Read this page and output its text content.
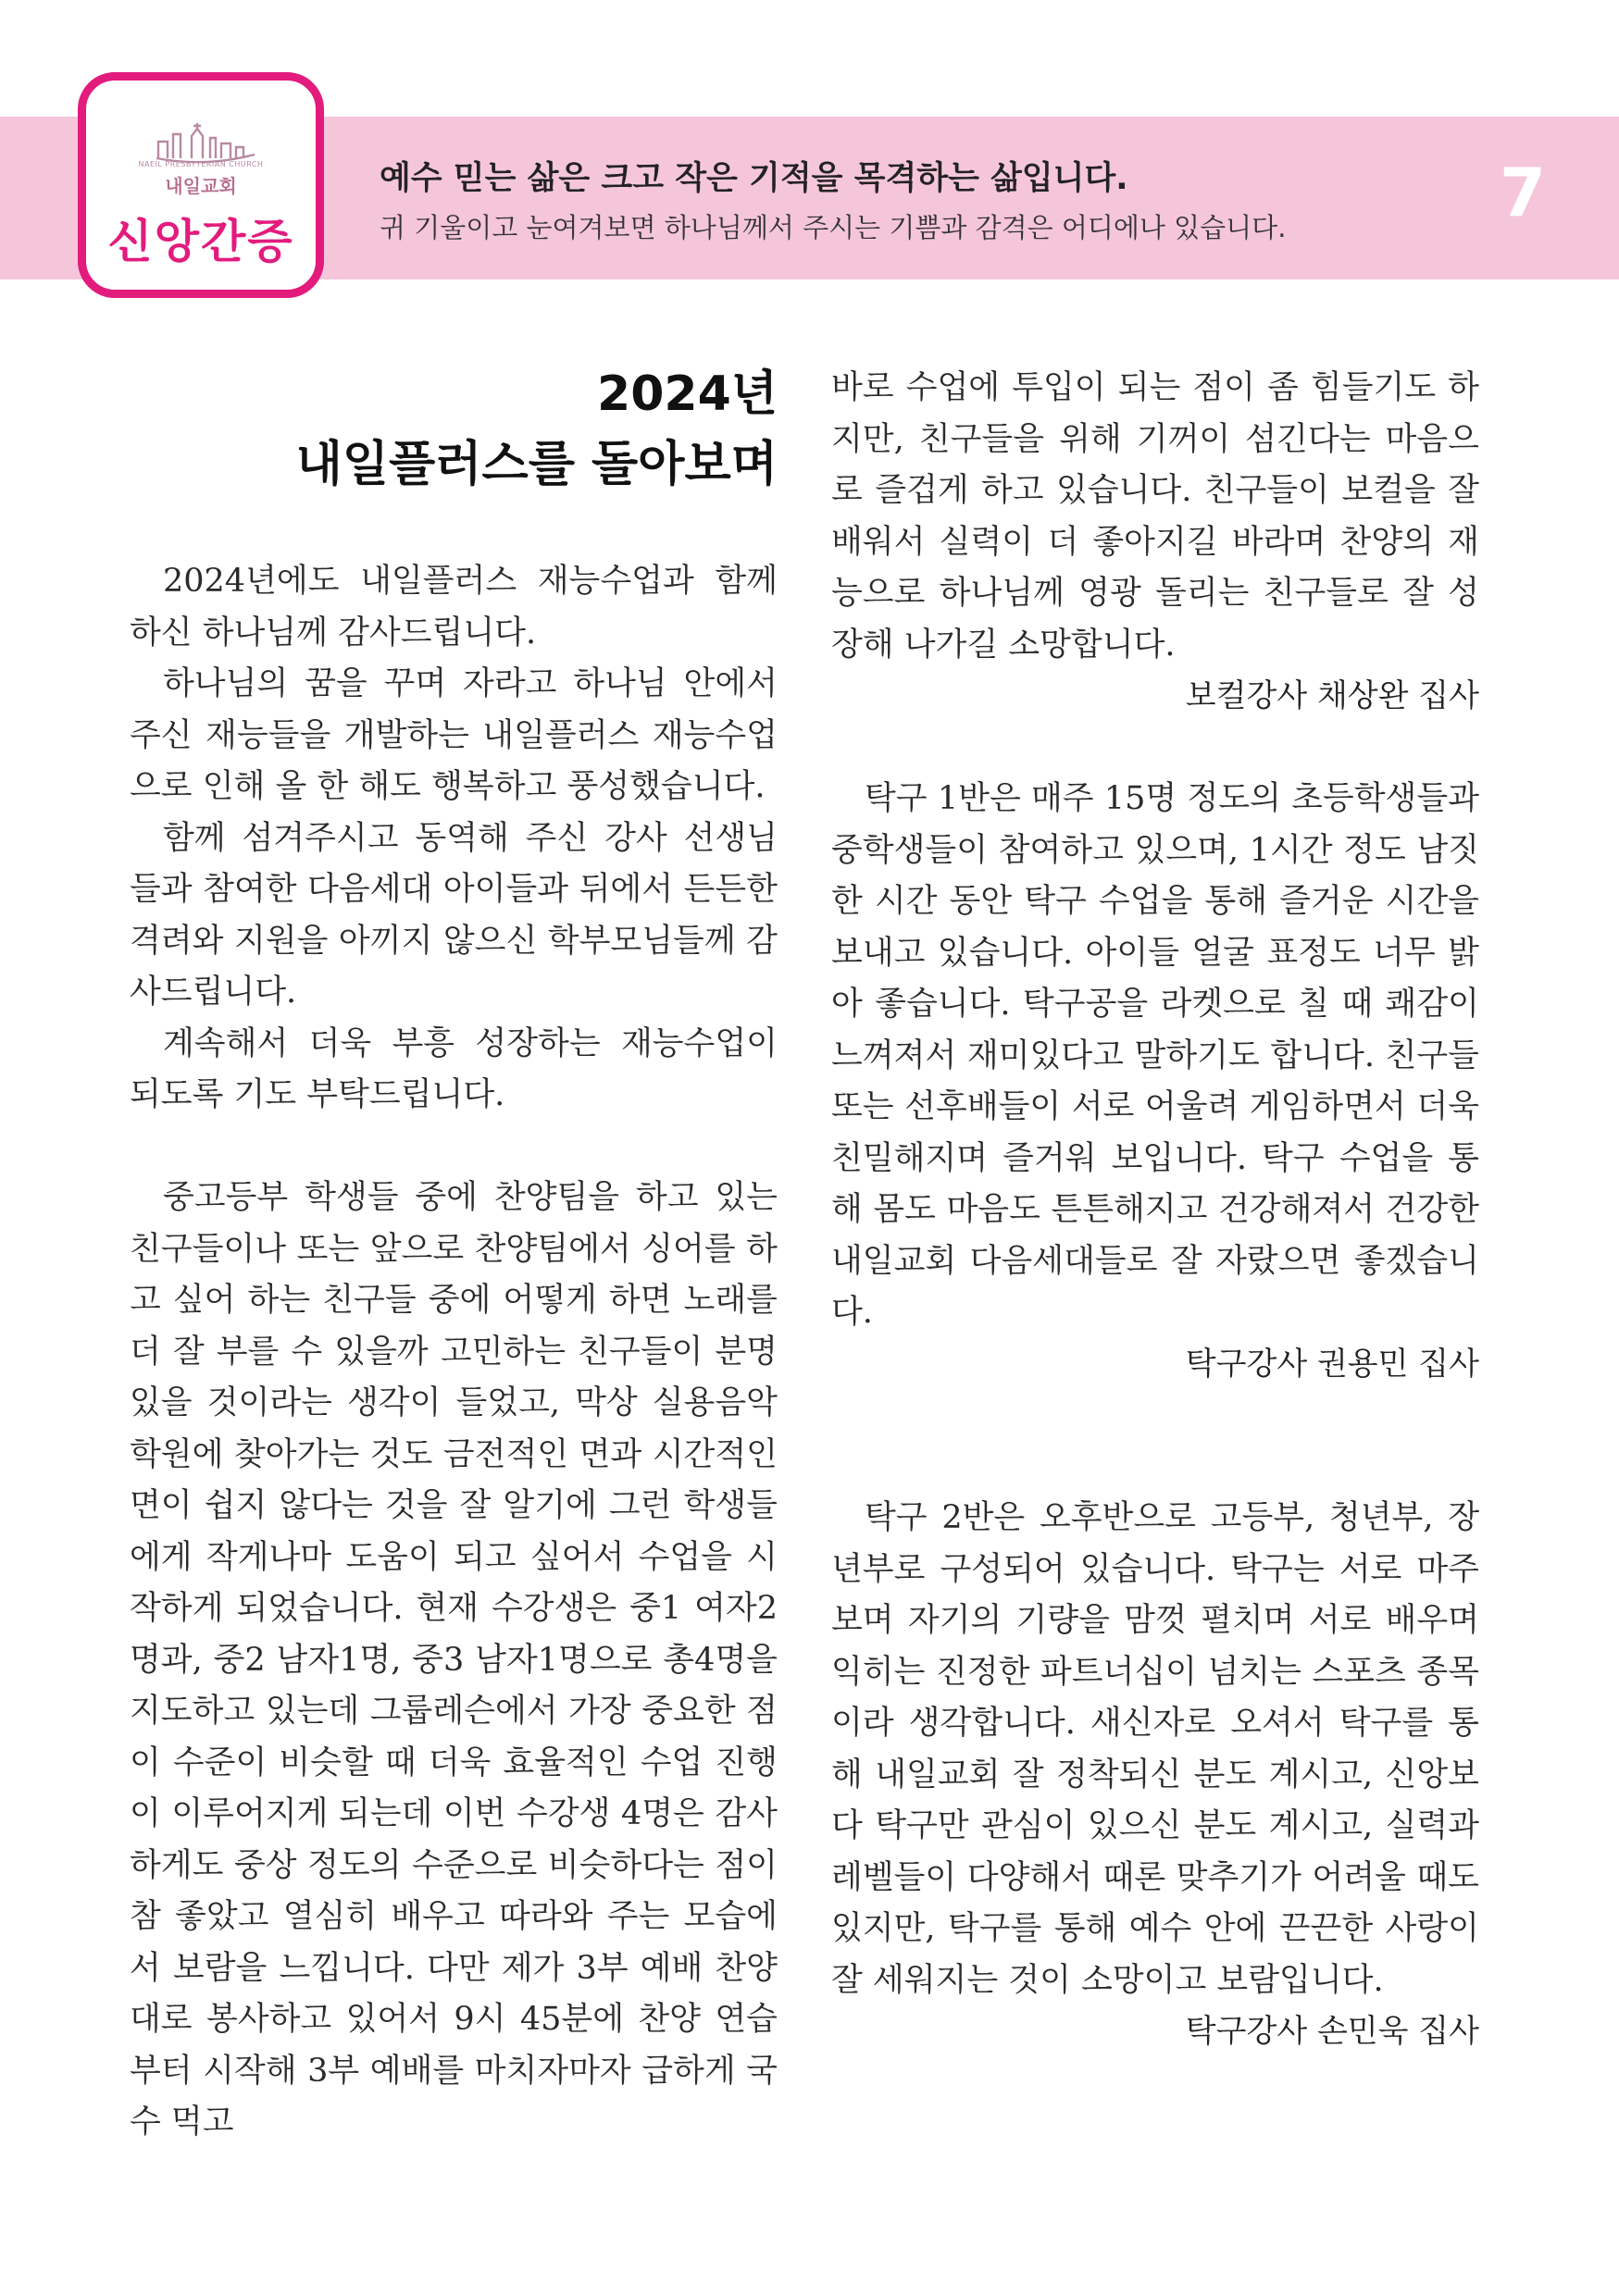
NAEIL PRESBYTERIAN CHURCH
내일교회
신앙간증

예수 믿는 삶은 크고 작은 기적을 목격하는 삶입니다.

귀 기울이고 눈여겨보면 하나님께서 주시는 기쁨과 감격은 어디에나 있습니다.	7

2024년
내일플러스를 돌아보며

2024년에도 내일플러스 재능수업과 함께 하신 하나님께 감사드립니다.

하나님의 꿈을 꾸며 자라고 하나님 안에서 주신 재능들을 개발하는 내일플러스 재능수업으로 인해 올 한 해도 행복하고 풍성했습니다.

함께 섬겨주시고 동역해 주신 강사 선생님들과 참여한 다음세대 아이들과 뒤에서 든든한 격려와 지원을 아끼지 않으신 학부모님들께 감사드립니다.

계속해서 더욱 부흥 성장하는 재능수업이 되도록 기도 부탁드립니다.

중고등부 학생들 중에 찬양팀을 하고 있는 친구들이나 또는 앞으로 찬양팀에서 싱어를 하고 싶어 하는 친구들 중에 어떻게 하면 노래를 더 잘 부를 수 있을까 고민하는 친구들이 분명 있을 것이라는 생각이 들었고, 막상 실용음악학원에 찾아가는 것도 금전적인 면과 시간적인 면이 쉽지 않다는 것을 잘 알기에 그런 학생들에게 작게나마 도움이 되고 싶어서 수업을 시작하게 되었습니다. 현재 수강생은 중1 여자2명과, 중2 남자1명, 중3 남자1명으로 총4명을 지도하고 있는데 그룹레슨에서 가장 중요한 점이 수준이 비슷할 때 더욱 효율적인 수업 진행이 이루어지게 되는데 이번 수강생 4명은 감사하게도 중상 정도의 수준으로 비슷하다는 점이 참 좋았고 열심히 배우고 따라와 주는 모습에서 보람을 느낍니다. 다만 제가 3부 예배 찬양대로 봉사하고 있어서 9시 45분에 찬양 연습부터 시작해 3부 예배를 마치자마자 급하게 국수 먹고

바로 수업에 투입이 되는 점이 좀 힘들기도 하지만, 친구들을 위해 기꺼이 섬긴다는 마음으로 즐겁게 하고 있습니다. 친구들이 보컬을 잘 배워서 실력이 더 좋아지길 바라며 찬양의 재능으로 하나님께 영광 돌리는 친구들로 잘 성장해 나가길 소망합니다.

보컬강사 채상완 집사

탁구 1반은 매주 15명 정도의 초등학생들과 중학생들이 참여하고 있으며, 1시간 정도 남짓한 시간 동안 탁구 수업을 통해 즐거운 시간을 보내고 있습니다. 아이들 얼굴 표정도 너무 밝아 좋습니다. 탁구공을 라켓으로 칠 때 쾌감이 느껴져서 재미있다고 말하기도 합니다. 친구들 또는 선후배들이 서로 어울려 게임하면서 더욱 친밀해지며 즐거워 보입니다. 탁구 수업을 통해 몸도 마음도 튼튼해지고 건강해져서 건강한 내일교회 다음세대들로 잘 자랐으면 좋겠습니다.

탁구강사 권용민 집사

탁구 2반은 오후반으로 고등부, 청년부, 장년부로 구성되어 있습니다. 탁구는 서로 마주 보며 자기의 기량을 맘껏 펼치며 서로 배우며 익히는 진정한 파트너십이 넘치는 스포츠 종목이라 생각합니다. 새신자로 오셔서 탁구를 통해 내일교회 잘 정착되신 분도 계시고, 신앙보다 탁구만 관심이 있으신 분도 계시고, 실력과 레벨들이 다양해서 때론 맞추기가 어려울 때도 있지만, 탁구를 통해 예수 안에 끈끈한 사랑이 잘 세워지는 것이 소망이고 보람입니다.

탁구강사 손민욱 집사
